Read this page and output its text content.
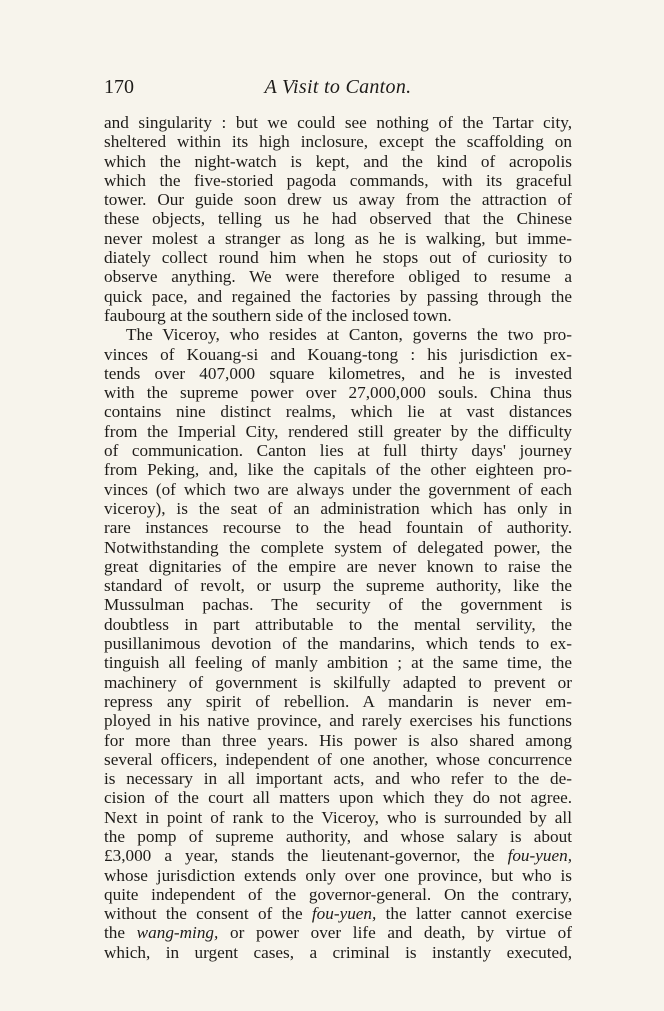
170	A Visit to Canton.
and singularity : but we could see nothing of the Tartar city,
sheltered within its high inclosure, except the scaffolding on
which the night-watch is kept, and the kind of acropolis
which the five-storied pagoda commands, with its graceful
tower. Our guide soon drew us away from the attraction of
these objects, telling us he had observed that the Chinese
never molest a stranger as long as he is walking, but imme-
diately collect round him when he stops out of curiosity to
observe anything. We were therefore obliged to resume a
quick pace, and regained the factories by passing through the
faubourg at the southern side of the inclosed town.
The Viceroy, who resides at Canton, governs the two pro-
vinces of Kouang-si and Kouang-tong : his jurisdiction ex-
tends over 407,000 square kilometres, and he is invested
with the supreme power over 27,000,000 souls. China thus
contains nine distinct realms, which lie at vast distances
from the Imperial City, rendered still greater by the difficulty
of communication. Canton lies at full thirty days' journey
from Peking, and, like the capitals of the other eighteen pro-
vinces (of which two are always under the government of each
viceroy), is the seat of an administration which has only in
rare instances recourse to the head fountain of authority.
Notwithstanding the complete system of delegated power, the
great dignitaries of the empire are never known to raise the
standard of revolt, or usurp the supreme authority, like the
Mussulman pachas. The security of the government is
doubtless in part attributable to the mental servility, the
pusillanimous devotion of the mandarins, which tends to ex-
tinguish all feeling of manly ambition ; at the same time, the
machinery of government is skilfully adapted to prevent or
repress any spirit of rebellion. A mandarin is never em-
ployed in his native province, and rarely exercises his functions
for more than three years. His power is also shared among
several officers, independent of one another, whose concurrence
is necessary in all important acts, and who refer to the de-
cision of the court all matters upon which they do not agree.
Next in point of rank to the Viceroy, who is surrounded by all
the pomp of supreme authority, and whose salary is about
£3,000 a year, stands the lieutenant-governor, the fou-yuen,
whose jurisdiction extends only over one province, but who is
quite independent of the governor-general. On the contrary,
without the consent of the fou-yuen, the latter cannot exercise
the wang-ming, or power over life and death, by virtue of
which, in urgent cases, a criminal is instantly executed,
